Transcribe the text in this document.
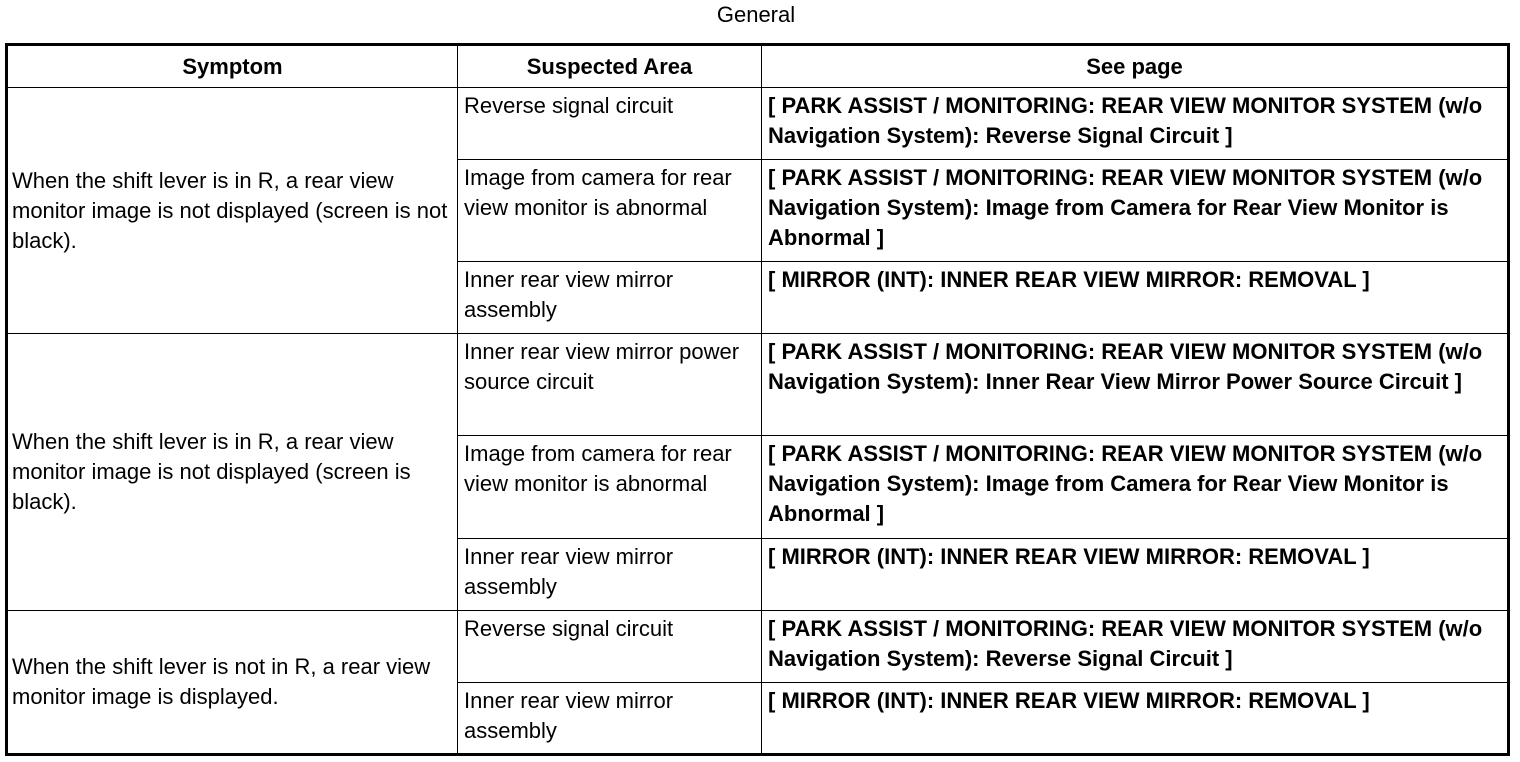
General
Symptom	Suspected Area	See page
When the shift lever is in R, a rear view monitor image is not displayed (screen is not black).	Reverse signal circuit	[ PARK ASSIST / MONITORING: REAR VIEW MONITOR SYSTEM (w/o Navigation System): Reverse Signal Circuit ]
	Image from camera for rear view monitor is abnormal	[ PARK ASSIST / MONITORING: REAR VIEW MONITOR SYSTEM (w/o Navigation System): Image from Camera for Rear View Monitor is Abnormal ]
	Inner rear view mirror assembly	[ MIRROR (INT): INNER REAR VIEW MIRROR: REMOVAL ]
When the shift lever is in R, a rear view monitor image is not displayed (screen is black).	Inner rear view mirror power source circuit	[ PARK ASSIST / MONITORING: REAR VIEW MONITOR SYSTEM (w/o Navigation System): Inner Rear View Mirror Power Source Circuit ]
	Image from camera for rear view monitor is abnormal	[ PARK ASSIST / MONITORING: REAR VIEW MONITOR SYSTEM (w/o Navigation System): Image from Camera for Rear View Monitor is Abnormal ]
	Inner rear view mirror assembly	[ MIRROR (INT): INNER REAR VIEW MIRROR: REMOVAL ]
When the shift lever is not in R, a rear view monitor image is displayed.	Reverse signal circuit	[ PARK ASSIST / MONITORING: REAR VIEW MONITOR SYSTEM (w/o Navigation System): Reverse Signal Circuit ]
	Inner rear view mirror assembly	[ MIRROR (INT): INNER REAR VIEW MIRROR: REMOVAL ]
